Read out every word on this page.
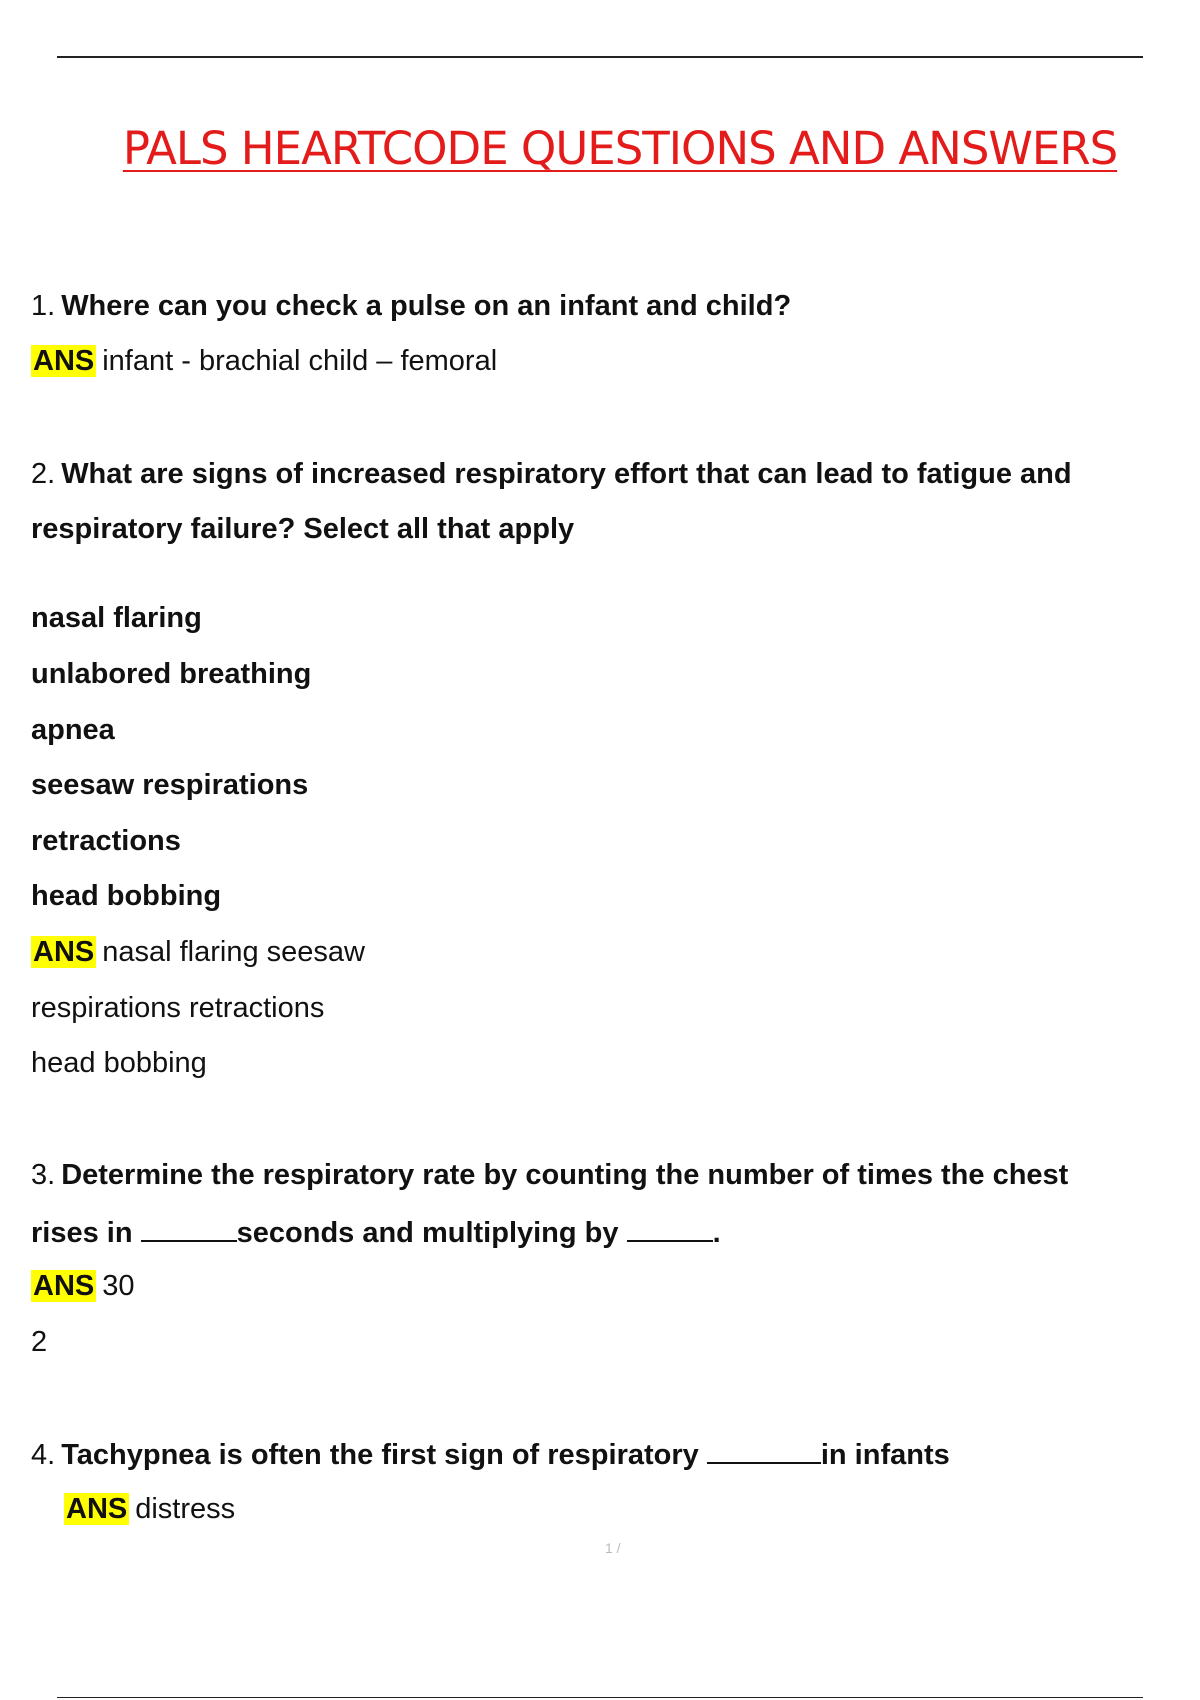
PALS HEARTCODE QUESTIONS AND ANSWERS

1. Where can you check a pulse on an infant and child?

ANS infant - brachial child – femoral

2. What are signs of increased respiratory effort that can lead to fatigue and

respiratory failure? Select all that apply

nasal flaring

unlabored breathing

apnea

seesaw respirations

retractions

head bobbing

ANS nasal flaring seesaw

respirations retractions

head bobbing

3. Determine the respiratory rate by counting the number of times the chest

rises in	seconds and multiplying by	.

ANS 30

2

4. Tachypnea is often the first sign of respiratory	in infants

ANS distress

1 /
